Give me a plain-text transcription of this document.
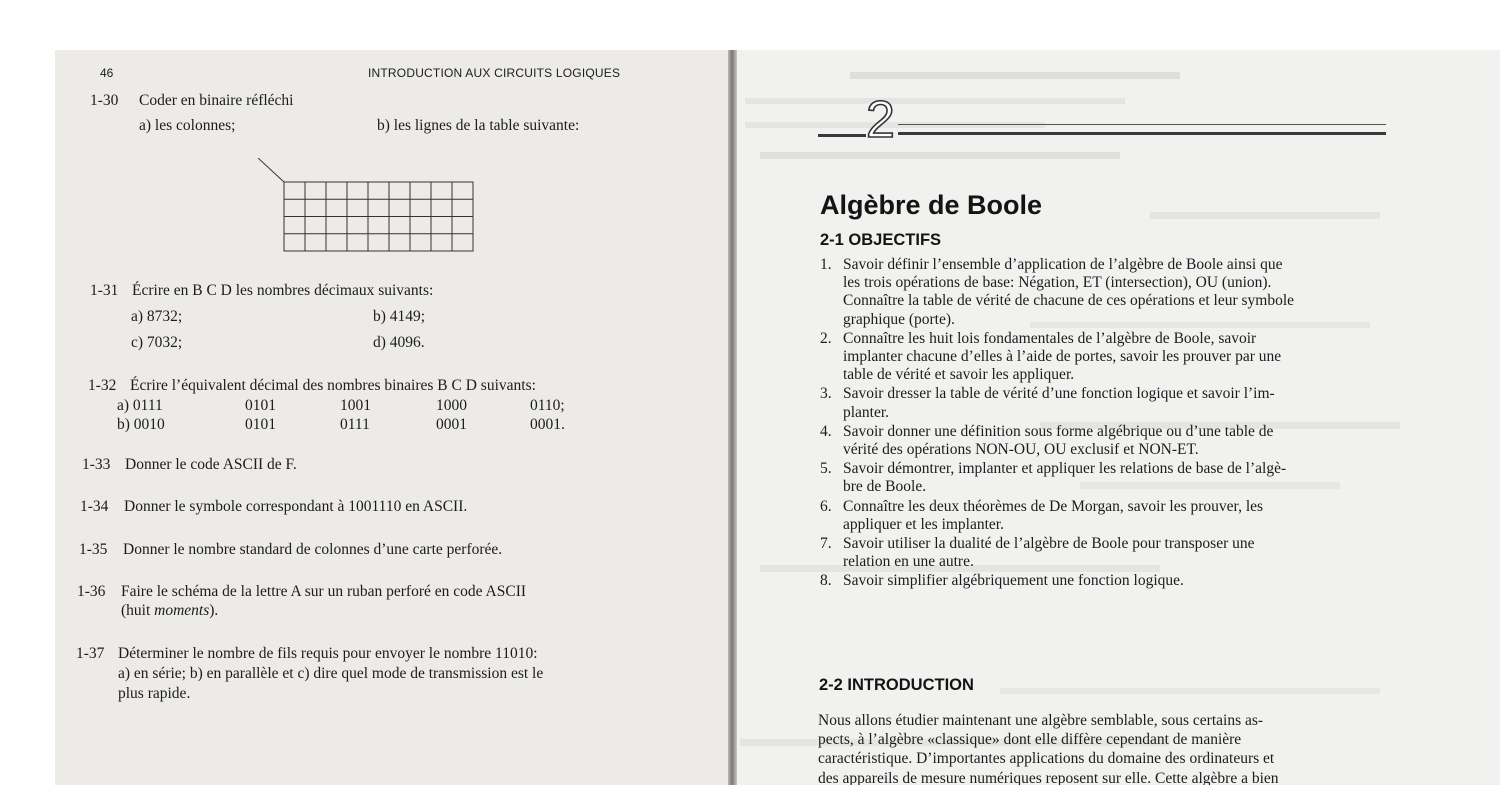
46	INTRODUCTION AUX CIRCUITS LOGIQUES
1-30 Coder en binaire réfléchi
a) les colonnes;	b) les lignes de la table suivante:
1-31 Écrire en B C D les nombres décimaux suivants:
a) 8732;	b) 4149;
c) 7032;	d) 4096.
1-32 Écrire l’équivalent décimal des nombres binaires B C D suivants:
a) 0111	0101	1001	1000	0110;
b) 0010	0101	0111	0001	0001.
1-33 Donner le code ASCII de F.
1-34 Donner le symbole correspondant à 1001110 en ASCII.
1-35 Donner le nombre standard de colonnes d’une carte perforée.
1-36 Faire le schéma de la lettre A sur un ruban perforé en code ASCII
(huit moments).
1-37 Déterminer le nombre de fils requis pour envoyer le nombre 11010:
a) en série; b) en parallèle et c) dire quel mode de transmission est le
plus rapide.
2
Algèbre de Boole
2-1 OBJECTIFS
1. Savoir définir l’ensemble d’application de l’algèbre de Boole ainsi que
les trois opérations de base: Négation, ET (intersection), OU (union).
Connaître la table de vérité de chacune de ces opérations et leur symbole
graphique (porte).
2. Connaître les huit lois fondamentales de l’algèbre de Boole, savoir
implanter chacune d’elles à l’aide de portes, savoir les prouver par une
table de vérité et savoir les appliquer.
3. Savoir dresser la table de vérité d’une fonction logique et savoir l’im-
planter.
4. Savoir donner une définition sous forme algébrique ou d’une table de
vérité des opérations NON-OU, OU exclusif et NON-ET.
5. Savoir démontrer, implanter et appliquer les relations de base de l’algè-
bre de Boole.
6. Connaître les deux théorèmes de De Morgan, savoir les prouver, les
appliquer et les implanter.
7. Savoir utiliser la dualité de l’algèbre de Boole pour transposer une
relation en une autre.
8. Savoir simplifier algébriquement une fonction logique.
2-2 INTRODUCTION
Nous allons étudier maintenant une algèbre semblable, sous certains as-
pects, à l’algèbre «classique» dont elle diffère cependant de manière
caractéristique. D’importantes applications du domaine des ordinateurs et
des appareils de mesure numériques reposent sur elle. Cette algèbre a bien
